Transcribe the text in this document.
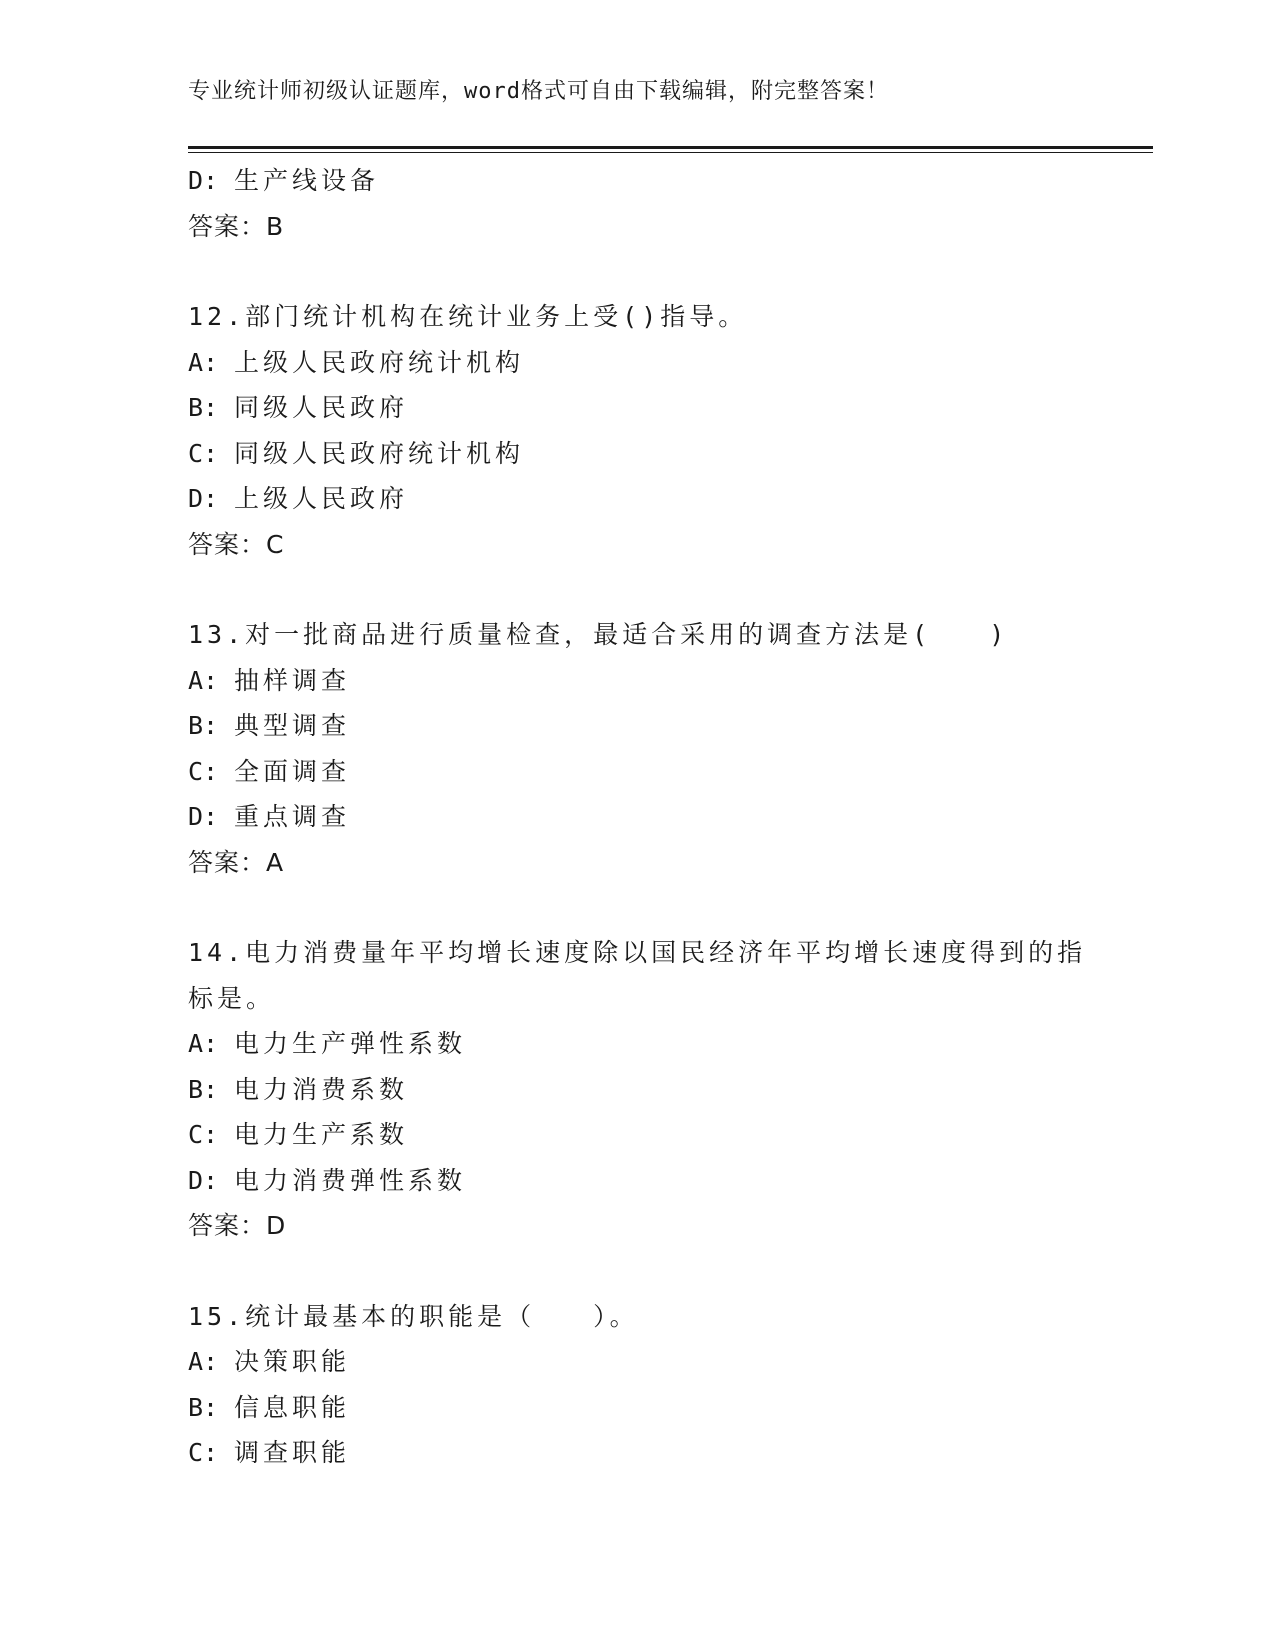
专业统计师初级认证题库，word格式可自由下载编辑，附完整答案！
D: 生产线设备
答案：B
12.部门统计机构在统计业务上受()指导。
A: 上级人民政府统计机构
B: 同级人民政府
C: 同级人民政府统计机构
D: 上级人民政府
答案：C
13.对一批商品进行质量检查，最适合采用的调查方法是(　　)
A: 抽样调查
B: 典型调查
C: 全面调查
D: 重点调查
答案：A
14.电力消费量年平均增长速度除以国民经济年平均增长速度得到的指
标是。
A: 电力生产弹性系数
B: 电力消费系数
C: 电力生产系数
D: 电力消费弹性系数
答案：D
15.统计最基本的职能是（　　）。
A: 决策职能
B: 信息职能
C: 调查职能
